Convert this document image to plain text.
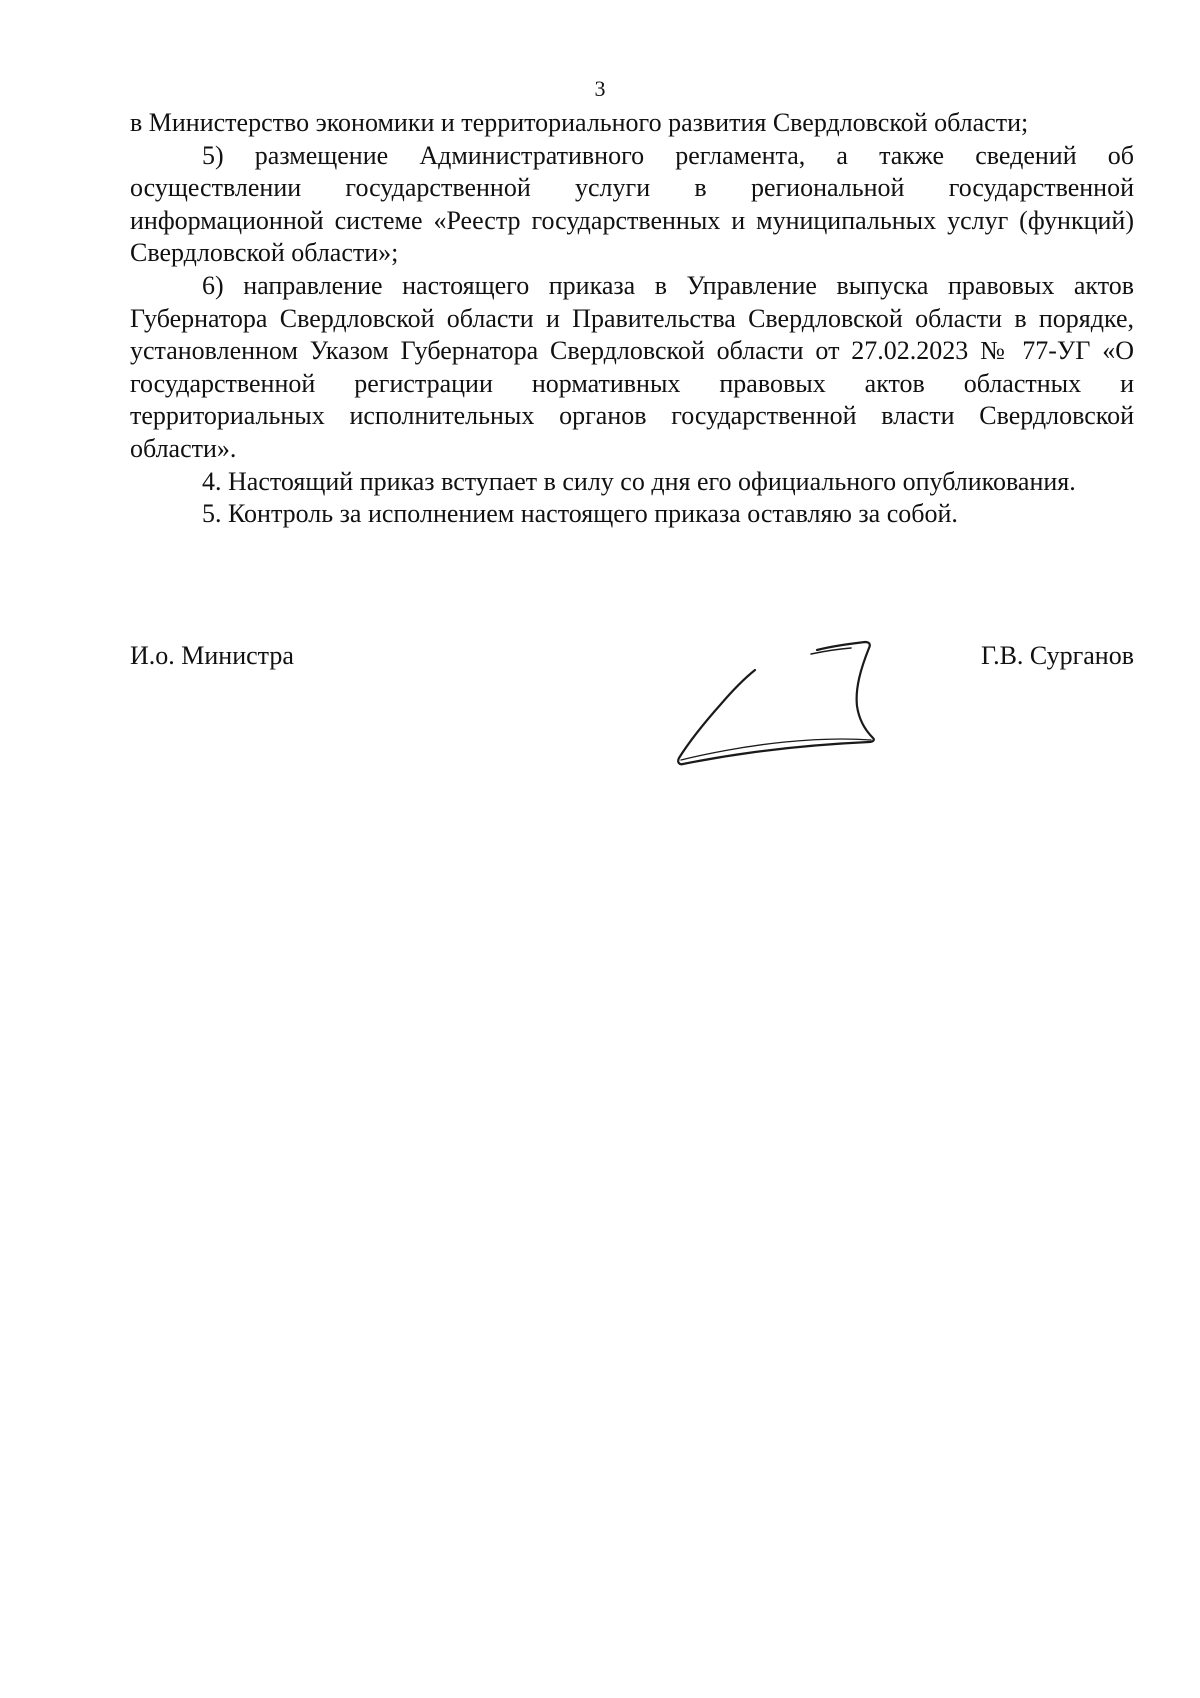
3

в Министерство экономики и территориального развития Свердловской области;

5) размещение Административного регламента, а также сведений об осуществлении государственной услуги в региональной государственной информационной системе «Реестр государственных и муниципальных услуг (функций) Свердловской области»;

6) направление настоящего приказа в Управление выпуска правовых актов Губернатора Свердловской области и Правительства Свердловской области в порядке, установленном Указом Губернатора Свердловской области от 27.02.2023 № 77-УГ «О государственной регистрации нормативных правовых актов областных и территориальных исполнительных органов государственной власти Свердловской области».

4. Настоящий приказ вступает в силу со дня его официального опубликования.

5. Контроль за исполнением настоящего приказа оставляю за собой.

И.о. Министра	Г.В. Сурганов
